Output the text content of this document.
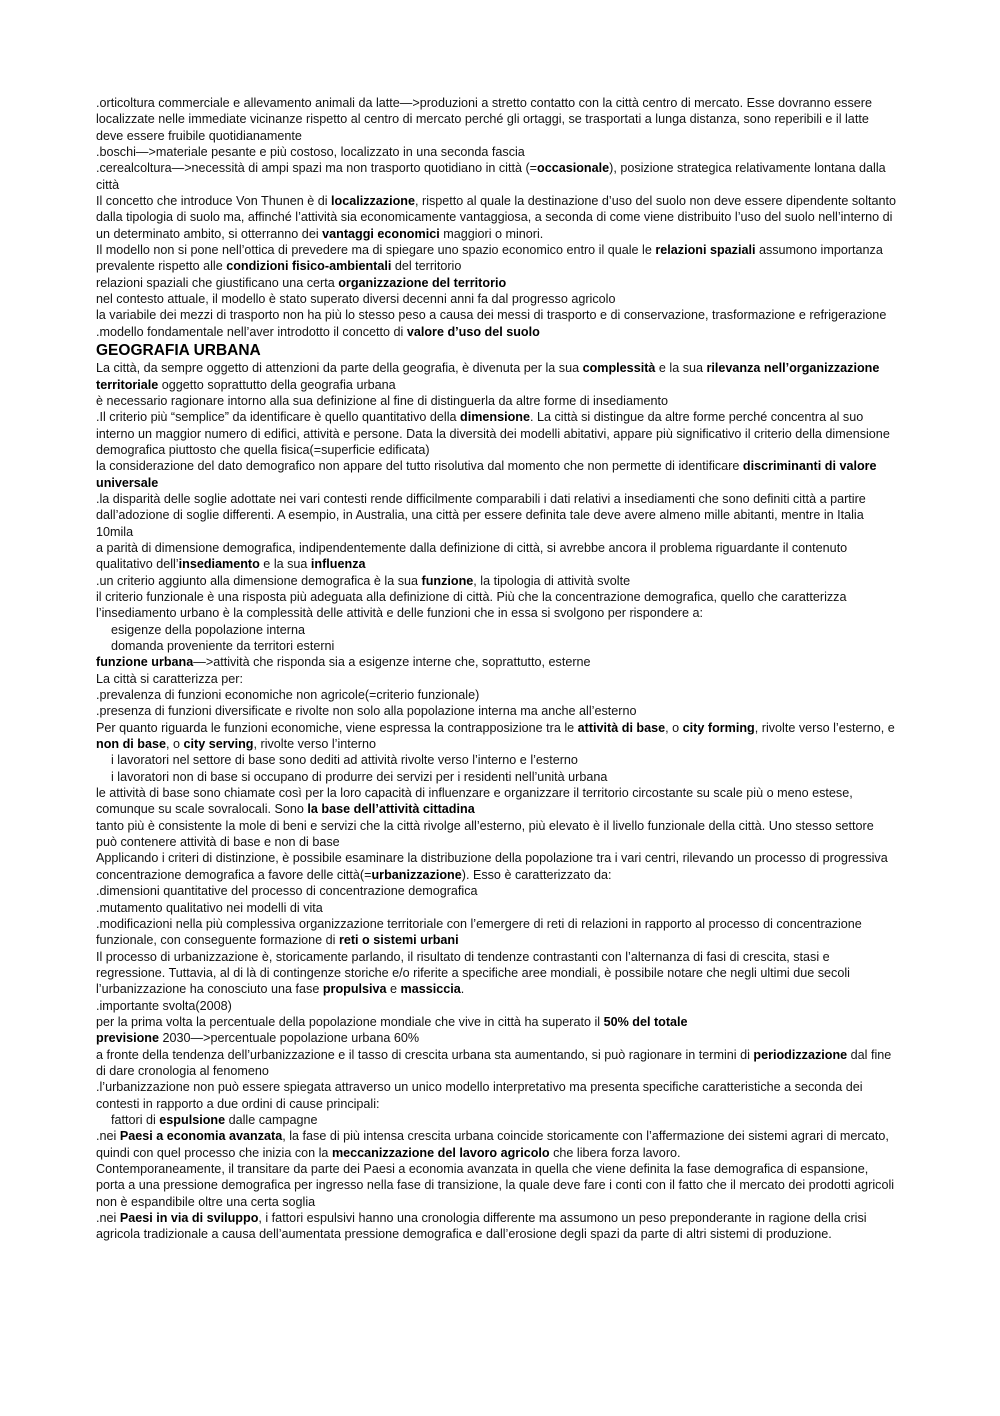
.orticoltura commerciale e allevamento animali da latte—>produzioni a stretto contatto con la città centro di mercato. Esse dovranno essere localizzate nelle immediate vicinanze rispetto al centro di mercato perché gli ortaggi, se trasportati a lunga distanza, sono reperibili e il latte deve essere fruibile quotidianamente

.boschi—>materiale pesante e più costoso, localizzato in una seconda fascia

.cerealcoltura—>necessità di ampi spazi ma non trasporto quotidiano in città (=occasionale), posizione strategica relativamente lontana dalla città

Il concetto che introduce Von Thunen è di localizzazione, rispetto al quale la destinazione d’uso del suolo non deve essere dipendente soltanto dalla tipologia di suolo ma, affinché l’attività sia economicamente vantaggiosa, a seconda di come viene distribuito l’uso del suolo nell’interno di un determinato ambito, si otterranno dei vantaggi economici maggiori o minori.

Il modello non si pone nell’ottica di prevedere ma di spiegare uno spazio economico entro il quale le relazioni spaziali assumono importanza prevalente rispetto alle condizioni fisico-ambientali del territorio

relazioni spaziali che giustificano una certa organizzazione del territorio

nel contesto attuale, il modello è stato superato diversi decenni anni fa dal progresso agricolo

la variabile dei mezzi di trasporto non ha più lo stesso peso a causa dei messi di trasporto e di conservazione, trasformazione e refrigerazione

.modello fondamentale nell’aver introdotto il concetto di valore d’uso del suolo

GEOGRAFIA URBANA

La città, da sempre oggetto di attenzioni da parte della geografia, è divenuta per la sua complessità e la sua rilevanza nell’organizzazione territoriale oggetto soprattutto della geografia urbana

è necessario ragionare intorno alla sua definizione al fine di distinguerla da altre forme di insediamento

.Il criterio più “semplice” da identificare è quello quantitativo della dimensione. La città si distingue da altre forme perché concentra al suo interno un maggior numero di edifici, attività e persone. Data la diversità dei modelli abitativi, appare più significativo il criterio della dimensione demografica piuttosto che quella fisica(=superficie edificata)

la considerazione del dato demografico non appare del tutto risolutiva dal momento che non permette di identificare discriminanti di valore universale

.la disparità delle soglie adottate nei vari contesti rende difficilmente comparabili i dati relativi a insediamenti che sono definiti città a partire dall’adozione di soglie differenti. A esempio, in Australia, una città per essere definita tale deve avere almeno mille abitanti, mentre in Italia 10mila

a parità di dimensione demografica, indipendentemente dalla definizione di città, si avrebbe ancora il problema riguardante il contenuto qualitativo dell’insediamento e la sua influenza

.un criterio aggiunto alla dimensione demografica è la sua funzione, la tipologia di attività svolte

il criterio funzionale è una risposta più adeguata alla definizione di città. Più che la concentrazione demografica, quello che caratterizza l’insediamento urbano è la complessità delle attività e delle funzioni che in essa si svolgono per rispondere a:

esigenze della popolazione interna

domanda proveniente da territori esterni

funzione urbana—>attività che risponda sia a esigenze interne che, soprattutto, esterne

La città si caratterizza per:

.prevalenza di funzioni economiche non agricole(=criterio funzionale)

.presenza di funzioni diversificate e rivolte non solo alla popolazione interna ma anche all’esterno

Per quanto riguarda le funzioni economiche, viene espressa la contrapposizione tra le attività di base, o city forming, rivolte verso l’esterno, e non di base, o city serving, rivolte verso l’interno

i lavoratori nel settore di base sono dediti ad attività rivolte verso l’interno e l’esterno

i lavoratori non di base si occupano di produrre dei servizi per i residenti nell’unità urbana

le attività di base sono chiamate così per la loro capacità di influenzare e organizzare il territorio circostante su scale più o meno estese, comunque su scale sovralocali. Sono la base dell’attività cittadina

tanto più è consistente la mole di beni e servizi che la città rivolge all’esterno, più elevato è il livello funzionale della città. Uno stesso settore può contenere attività di base e non di base

Applicando i criteri di distinzione, è possibile esaminare la distribuzione della popolazione tra i vari centri, rilevando un processo di progressiva concentrazione demografica a favore delle città(=urbanizzazione). Esso è caratterizzato da:

.dimensioni quantitative del processo di concentrazione demografica

.mutamento qualitativo nei modelli di vita

.modificazioni nella più complessiva organizzazione territoriale con l’emergere di reti di relazioni in rapporto al processo di concentrazione funzionale, con conseguente formazione di reti o sistemi urbani

Il processo di urbanizzazione è, storicamente parlando, il risultato di tendenze contrastanti con l’alternanza di fasi di crescita, stasi e regressione. Tuttavia, al di là di contingenze storiche e/o riferite a specifiche aree mondiali, è possibile notare che negli ultimi due secoli l’urbanizzazione ha conosciuto una fase propulsiva e massiccia.

.importante svolta(2008)

per la prima volta la percentuale della popolazione mondiale che vive in città ha superato il 50% del totale

previsione 2030—>percentuale popolazione urbana 60%

a fronte della tendenza dell’urbanizzazione e il tasso di crescita urbana sta aumentando, si può ragionare in termini di periodizzazione dal fine di dare cronologia al fenomeno

.l’urbanizzazione non può essere spiegata attraverso un unico modello interpretativo ma presenta specifiche caratteristiche a seconda dei contesti in rapporto a due ordini di cause principali:

fattori di espulsione dalle campagne

.nei Paesi a economia avanzata, la fase di più intensa crescita urbana coincide storicamente con l’affermazione dei sistemi agrari di mercato, quindi con quel processo che inizia con la meccanizzazione del lavoro agricolo che libera forza lavoro.

Contemporaneamente, il transitare da parte dei Paesi a economia avanzata in quella che viene definita la fase demografica di espansione, porta a una pressione demografica per ingresso nella fase di transizione, la quale deve fare i conti con il fatto che il mercato dei prodotti agricoli non è espandibile oltre una certa soglia

.nei Paesi in via di sviluppo, i fattori espulsivi hanno una cronologia differente ma assumono un peso preponderante in ragione della crisi agricola tradizionale a causa dell’aumentata pressione demografica e dall’erosione degli spazi da parte di altri sistemi di produzione.
